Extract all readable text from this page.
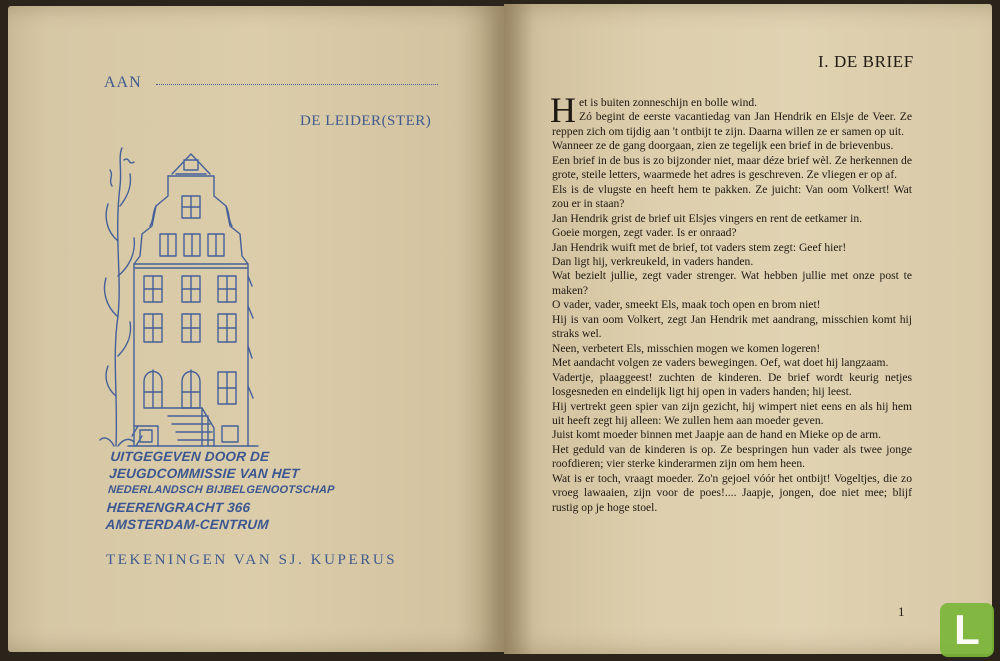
AAN
DE LEIDER(STER)
UITGEGEVEN DOOR DE
JEUGDCOMMISSIE VAN HET
NEDERLANDSCH BIJBELGENOOTSCHAP
HEERENGRACHT 366
AMSTERDAM-CENTRUM
TEKENINGEN VAN SJ. KUPERUS
I. DE BRIEF

Het is buiten zonneschijn en bolle wind.

Zó begint de eerste vacantiedag van Jan Hendrik en Elsje de Veer. Ze reppen zich om tijdig aan 't ontbijt te zijn. Daarna willen ze er samen op uit.

Wanneer ze de gang doorgaan, zien ze tegelijk een brief in de brievenbus.

Een brief in de bus is zo bijzonder niet, maar déze brief wèl. Ze herkennen de grote, steile letters, waarmede het adres is geschreven. Ze vliegen er op af.

Els is de vlugste en heeft hem te pakken. Ze juicht: Van oom Volkert! Wat zou er in staan?

Jan Hendrik grist de brief uit Elsjes vingers en rent de eetkamer in.

Goeie morgen, zegt vader. Is er onraad?

Jan Hendrik wuift met de brief, tot vaders stem zegt: Geef hier!

Dan ligt hij, verkreukeld, in vaders handen.

Wat bezielt jullie, zegt vader strenger. Wat hebben jullie met onze post te maken?

O vader, vader, smeekt Els, maak toch open en brom niet!

Hij is van oom Volkert, zegt Jan Hendrik met aandrang, misschien komt hij straks wel.

Neen, verbetert Els, misschien mogen we komen logeren!

Met aandacht volgen ze vaders bewegingen. Oef, wat doet hij langzaam.

Vadertje, plaaggeest! zuchten de kinderen. De brief wordt keurig netjes losgesneden en eindelijk ligt hij open in vaders handen; hij leest.

Hij vertrekt geen spier van zijn gezicht, hij wimpert niet eens en als hij hem uit heeft zegt hij alleen: We zullen hem aan moeder geven.

Juist komt moeder binnen met Jaapje aan de hand en Mieke op de arm.

Het geduld van de kinderen is op. Ze bespringen hun vader als twee jonge roofdieren; vier sterke kinderarmen zijn om hem heen.

Wat is er toch, vraagt moeder. Zo'n gejoel vóór het ontbijt! Vogeltjes, die zo vroeg lawaaien, zijn voor de poes!.... Jaapje, jongen, doe niet mee; blijf rustig op je hoge stoel.

1 L
